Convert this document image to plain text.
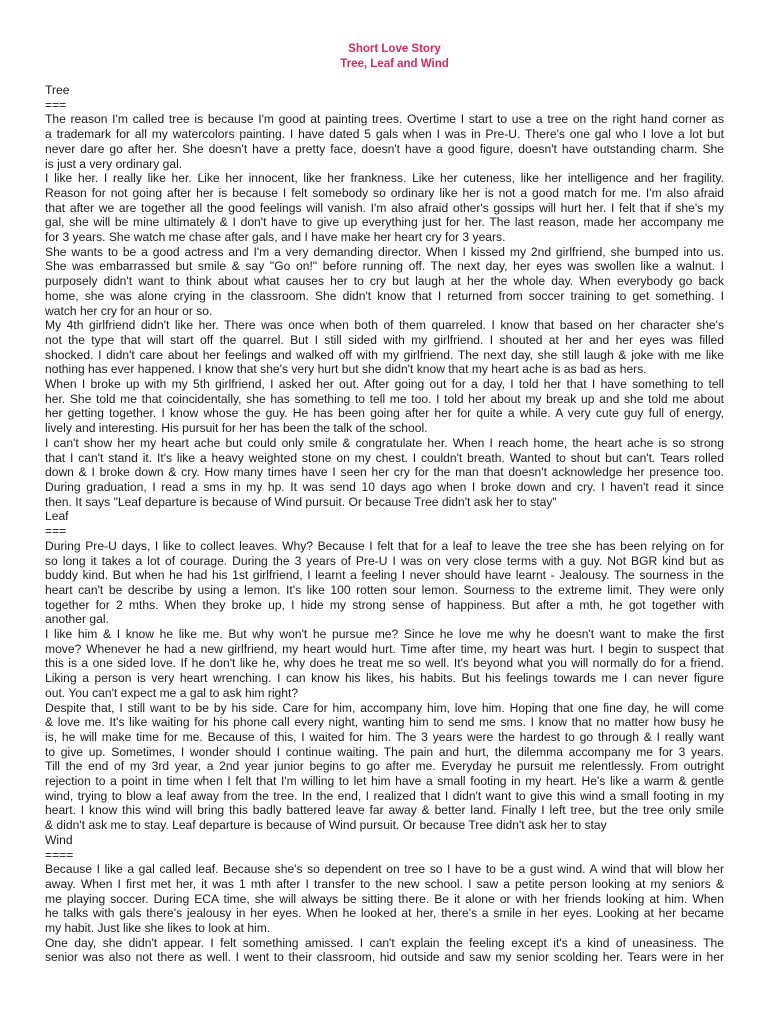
Short Love Story
Tree, Leaf and Wind
Tree
===
The reason I'm called tree is because I'm good at painting trees. Overtime I start to use a tree on the right hand corner as
a trademark for all my watercolors painting. I have dated 5 gals when I was in Pre-U. There's one gal who I love a lot but
never dare go after her. She doesn't have a pretty face, doesn't have a good figure, doesn't have outstanding charm. She
is just a very ordinary gal.
I like her. I really like her. Like her innocent, like her frankness. Like her cuteness, like her intelligence and her fragility.
Reason for not going after her is because I felt somebody so ordinary like her is not a good match for me. I'm also afraid
that after we are together all the good feelings will vanish. I'm also afraid other's gossips will hurt her. I felt that if she's my
gal, she will be mine ultimately & I don't have to give up everything just for her. The last reason, made her accompany me
for 3 years. She watch me chase after gals, and I have make her heart cry for 3 years.
She wants to be a good actress and I'm a very demanding director. When I kissed my 2nd girlfriend, she bumped into us.
She was embarrassed but smile & say "Go on!" before running off. The next day, her eyes was swollen like a walnut. I
purposely didn't want to think about what causes her to cry but laugh at her the whole day. When everybody go back
home, she was alone crying in the classroom. She didn't know that I returned from soccer training to get something. I
watch her cry for an hour or so.
My 4th girlfriend didn't like her. There was once when both of them quarreled. I know that based on her character she's
not the type that will start off the quarrel. But I still sided with my girlfriend. I shouted at her and her eyes was filled
shocked. I didn't care about her feelings and walked off with my girlfriend. The next day, she still laugh & joke with me like
nothing has ever happened. I know that she's very hurt but she didn't know that my heart ache is as bad as hers.
When I broke up with my 5th girlfriend, I asked her out. After going out for a day, I told her that I have something to tell
her. She told me that coincidentally, she has something to tell me too. I told her about my break up and she told me about
her getting together. I know whose the guy. He has been going after her for quite a while. A very cute guy full of energy,
lively and interesting. His pursuit for her has been the talk of the school.
I can't show her my heart ache but could only smile & congratulate her. When I reach home, the heart ache is so strong
that I can't stand it. It's like a heavy weighted stone on my chest. I couldn't breath. Wanted to shout but can't. Tears rolled
down & I broke down & cry. How many times have I seen her cry for the man that doesn't acknowledge her presence too.
During graduation, I read a sms in my hp. It was send 10 days ago when I broke down and cry. I haven't read it since
then. It says "Leaf departure is because of Wind pursuit. Or because Tree didn't ask her to stay"
Leaf
===
During Pre-U days, I like to collect leaves. Why? Because I felt that for a leaf to leave the tree she has been relying on for
so long it takes a lot of courage. During the 3 years of Pre-U I was on very close terms with a guy. Not BGR kind but as
buddy kind. But when he had his 1st girlfriend, I learnt a feeling I never should have learnt - Jealousy. The sourness in the
heart can't be describe by using a lemon. It's like 100 rotten sour lemon. Sourness to the extreme limit. They were only
together for 2 mths. When they broke up, I hide my strong sense of happiness. But after a mth, he got together with
another gal.
I like him & I know he like me. But why won't he pursue me? Since he love me why he doesn't want to make the first
move? Whenever he had a new girlfriend, my heart would hurt. Time after time, my heart was hurt. I begin to suspect that
this is a one sided love. If he don't like he, why does he treat me so well. It's beyond what you will normally do for a friend.
Liking a person is very heart wrenching. I can know his likes, his habits. But his feelings towards me I can never figure
out. You can't expect me a gal to ask him right?
Despite that, I still want to be by his side. Care for him, accompany him, love him. Hoping that one fine day, he will come
& love me. It's like waiting for his phone call every night, wanting him to send me sms. I know that no matter how busy he
is, he will make time for me. Because of this, I waited for him. The 3 years were the hardest to go through & I really want
to give up. Sometimes, I wonder should I continue waiting. The pain and hurt, the dilemma accompany me for 3 years.
Till the end of my 3rd year, a 2nd year junior begins to go after me. Everyday he pursuit me relentlessly. From outright
rejection to a point in time when I felt that I'm willing to let him have a small footing in my heart. He's like a warm & gentle
wind, trying to blow a leaf away from the tree. In the end, I realized that I didn't want to give this wind a small footing in my
heart. I know this wind will bring this badly battered leave far away & better land. Finally I left tree, but the tree only smile
& didn't ask me to stay. Leaf departure is because of Wind pursuit. Or because Tree didn't ask her to stay
Wind
====
Because I like a gal called leaf. Because she's so dependent on tree so I have to be a gust wind. A wind that will blow her
away. When I first met her, it was 1 mth after I transfer to the new school. I saw a petite person looking at my seniors &
me playing soccer. During ECA time, she will always be sitting there. Be it alone or with her friends looking at him. When
he talks with gals there's jealousy in her eyes. When he looked at her, there's a smile in her eyes. Looking at her became
my habit. Just like she likes to look at him.
One day, she didn't appear. I felt something amissed. I can't explain the feeling except it's a kind of uneasiness. The
senior was also not there as well. I went to their classroom, hid outside and saw my senior scolding her. Tears were in her
